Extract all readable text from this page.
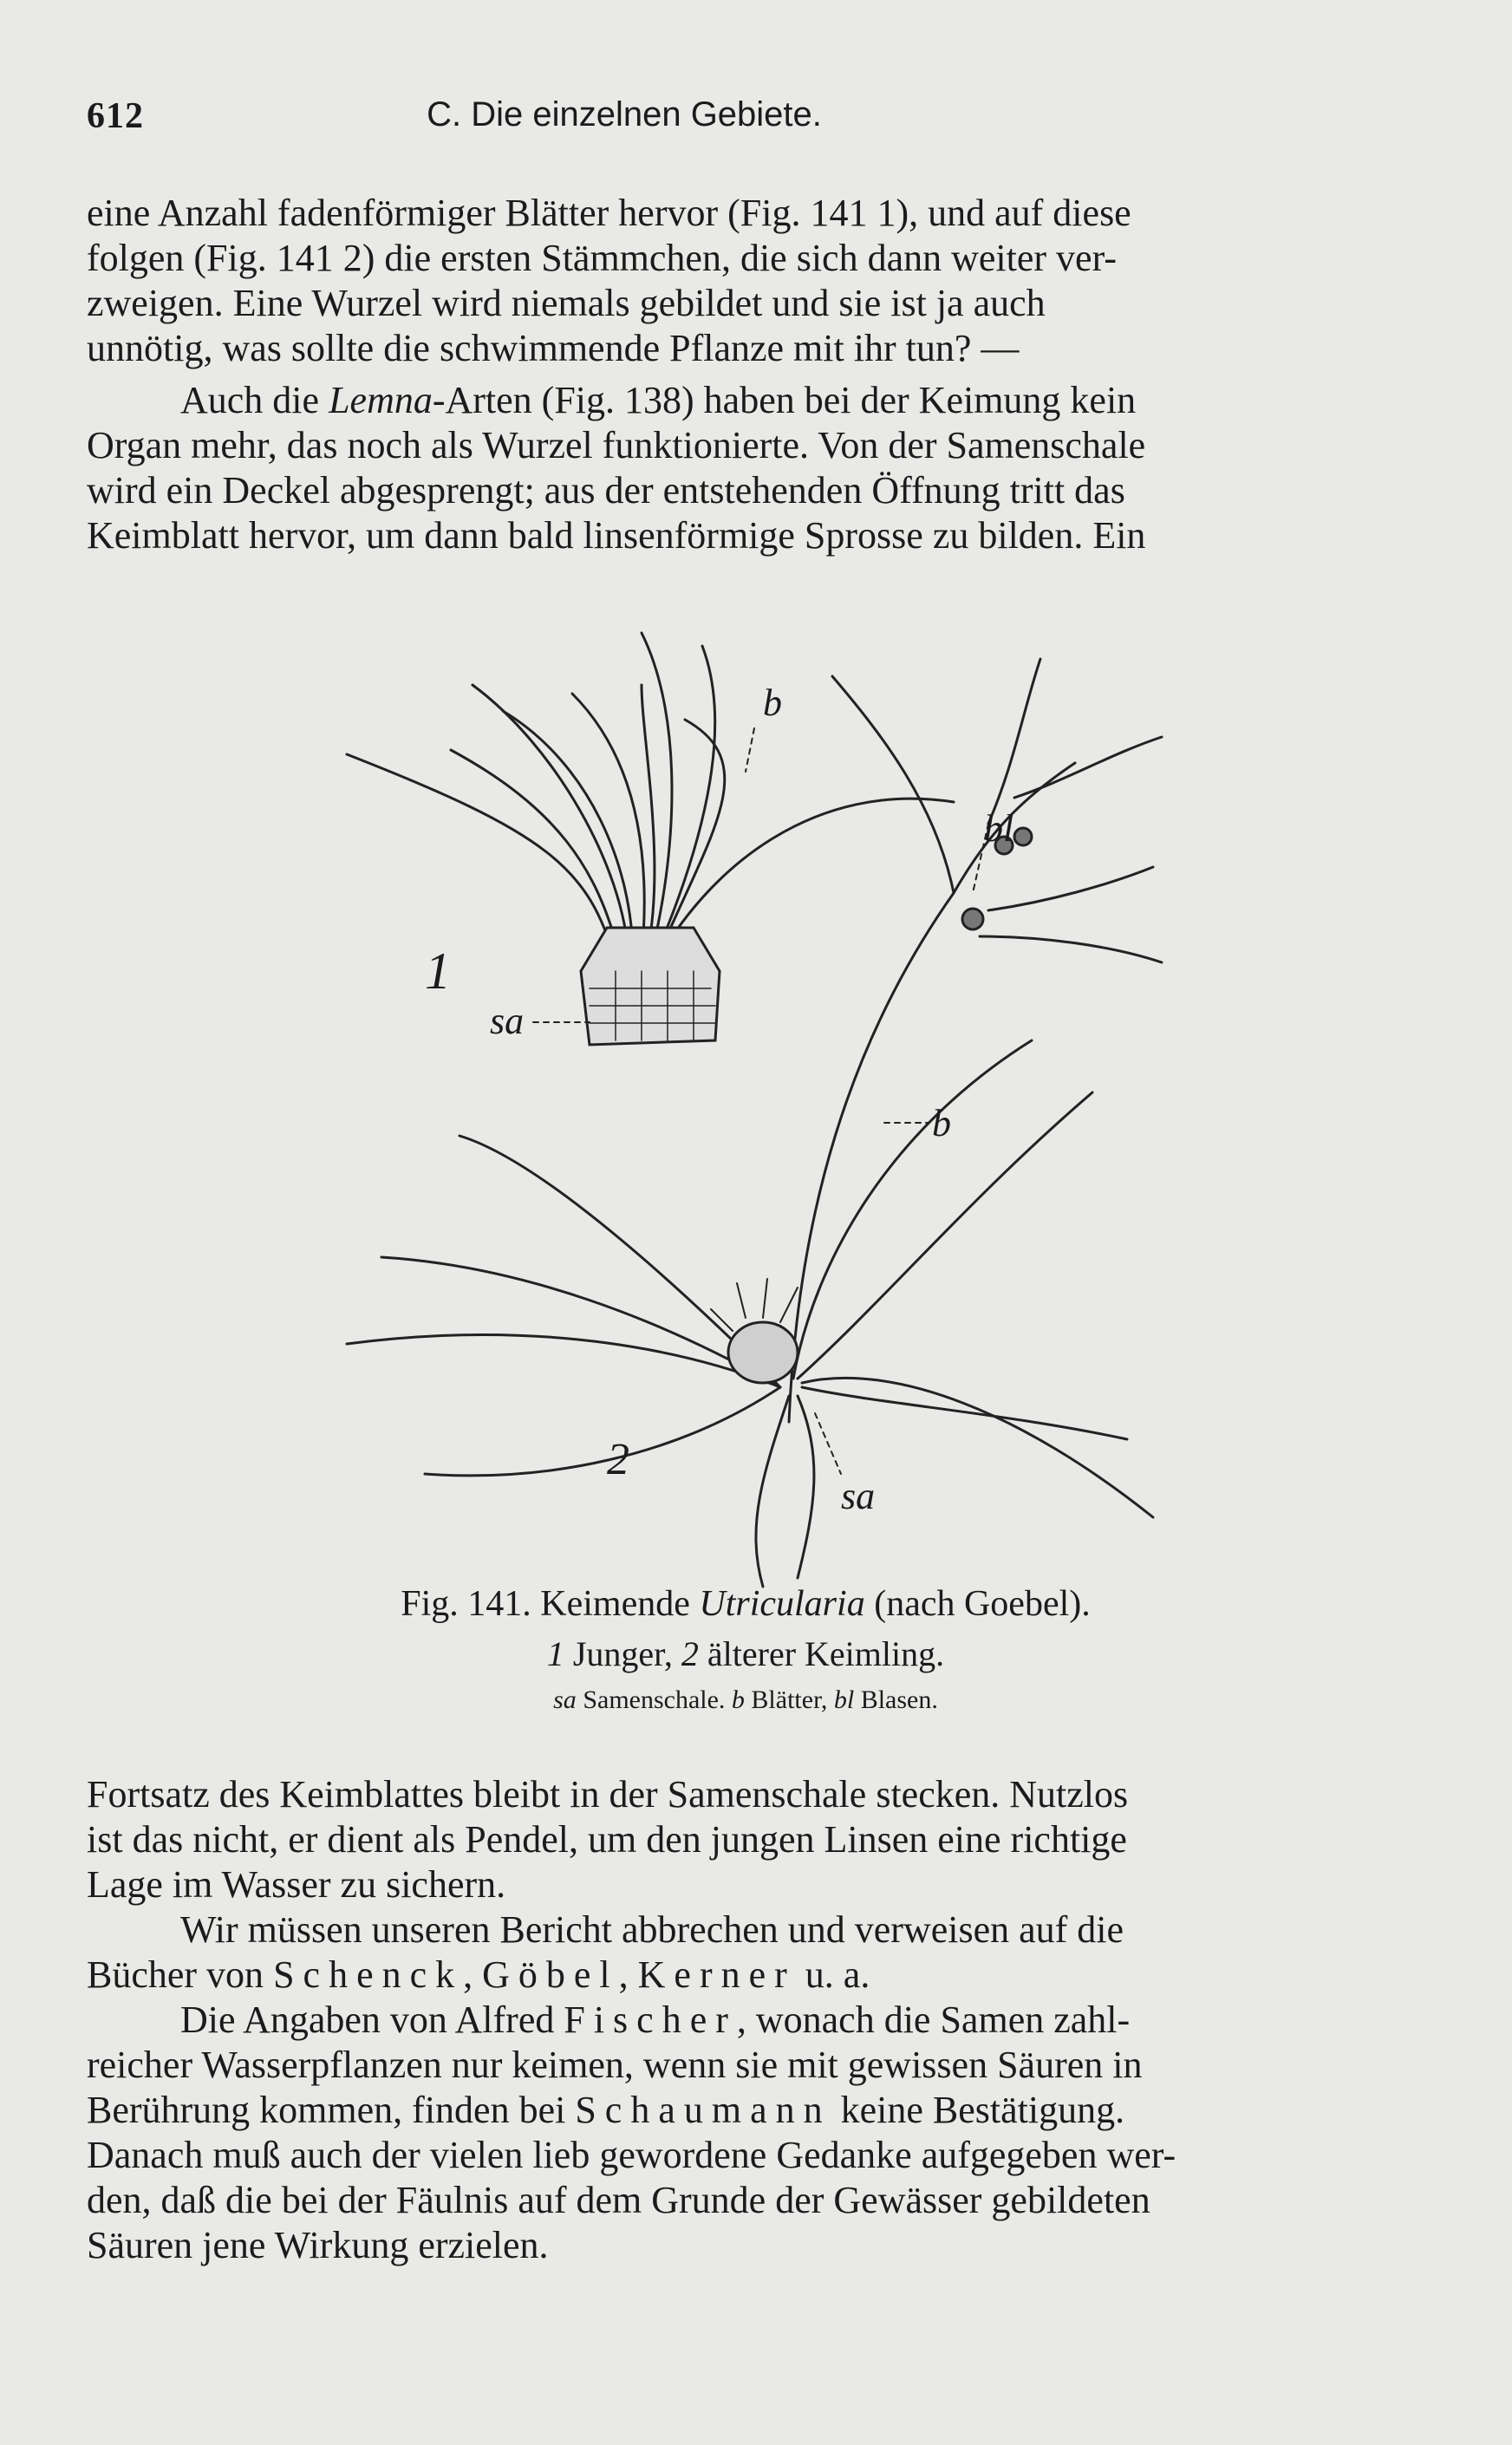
612	C. Die einzelnen Gebiete.
eine Anzahl fadenförmiger Blätter hervor (Fig. 141 1), und auf diese
folgen (Fig. 141 2) die ersten Stämmchen, die sich dann weiter ver-
zweigen. Eine Wurzel wird niemals gebildet und sie ist ja auch
unnötig, was sollte die schwimmende Pflanze mit ihr tun? —
Auch die Lemna-Arten (Fig. 138) haben bei der Keimung kein
Organ mehr, das noch als Wurzel funktionierte. Von der Samenschale
wird ein Deckel abgesprengt; aus der entstehenden Öffnung tritt das
Keimblatt hervor, um dann bald linsenförmige Sprosse zu bilden. Ein
1
2
sa
sa
b
b
bl
Fig. 141. Keimende Utricularia (nach Goebel).
1 Junger, 2 älterer Keimling.
sa Samenschale. b Blätter, bl Blasen.
Fortsatz des Keimblattes bleibt in der Samenschale stecken. Nutzlos
ist das nicht, er dient als Pendel, um den jungen Linsen eine richtige
Lage im Wasser zu sichern.
Wir müssen unseren Bericht abbrechen und verweisen auf die
Bücher von Schenck, Göbel, Kerner u. a.
Die Angaben von Alfred Fischer, wonach die Samen zahl-
reicher Wasserpflanzen nur keimen, wenn sie mit gewissen Säuren in
Berührung kommen, finden bei Schaumann keine Bestätigung.
Danach muß auch der vielen lieb gewordene Gedanke aufgegeben wer-
den, daß die bei der Fäulnis auf dem Grunde der Gewässer gebildeten
Säuren jene Wirkung erzielen.
